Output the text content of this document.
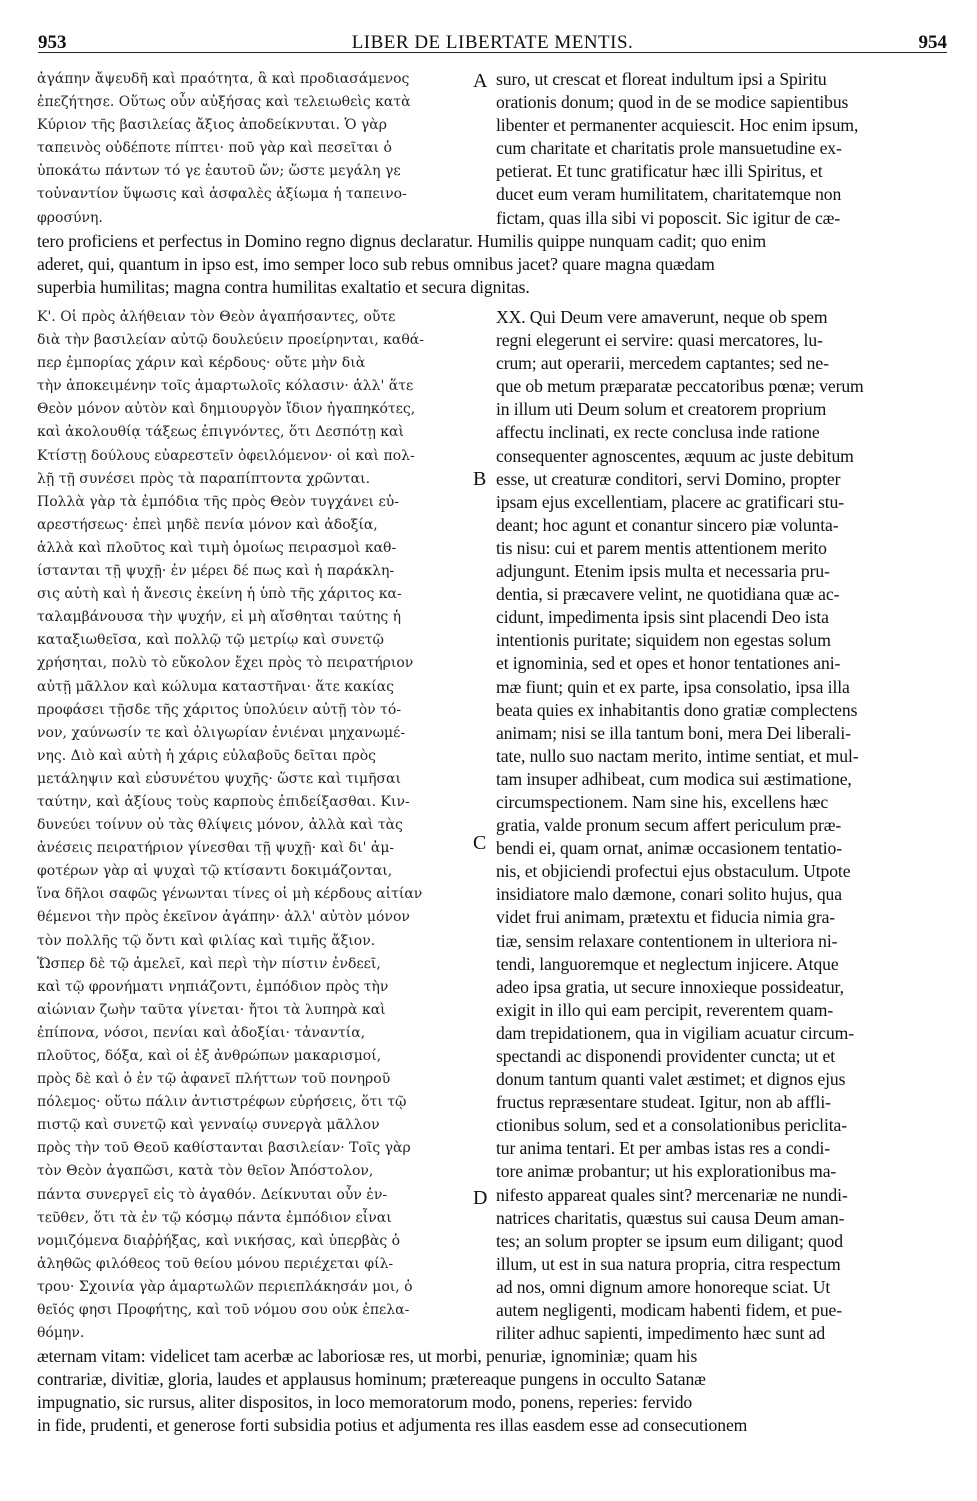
953	LIBER DE LIBERTATE MENTIS.	954
ἀγάπην ἄψευδῆ καὶ πραότητα, ἃ καὶ προδιασάμενος
ἐπεζήτησε. Οὕτως οὖν αὐξήσας καὶ τελειωθεὶς κατὰ
Κύριον τῆς βασιλείας ἄξιος ἀποδείκνυται. Ὁ γὰρ
ταπεινὸς οὐδέποτε πίπτει· ποῦ γὰρ καὶ πεσεῖται ὁ
ὑποκάτω πάντων τό γε ἑαυτοῦ ὤν; ὥστε μεγάλη γε
τοὐναντίον ὕψωσις καὶ ἀσφαλὲς ἀξίωμα ἡ ταπεινο-
φροσύνη.
suro, ut crescat et floreat indultum ipsi a Spiritu
orationis donum; quod in de se modice sapientibus
libenter et permanenter acquiescit. Hoc enim ipsum,
cum charitate et charitatis prole mansuetudine ex-
petierat. Et tunc gratificatur hæc illi Spiritus, et
ducet eum veram humilitatem, charitatemque non
fictam, quas illa sibi vi poposcit. Sic igitur de cæ-
tero proficiens et perfectus in Domino regno dignus declaratur. Humilis quippe nunquam cadit; quo enim
aderet, qui, quantum in ipso est, imo semper loco sub rebus omnibus jacet? quare magna quædam
superbia humilitas; magna contra humilitas exaltatio et secura dignitas.
Κ'. Οἱ πρὸς ἀλήθειαν τὸν Θεὸν ἀγαπήσαντες, οὔτε
διὰ τὴν βασιλείαν αὐτῷ δουλεύειν προείρηνται, καθά-
περ ἐμπορίας χάριν καὶ κέρδους· οὔτε μὴν διὰ
τὴν ἀποκειμένην τοῖς ἁμαρτωλοῖς κόλασιν· ἀλλ' ἅτε
Θεὸν μόνον αὐτὸν καὶ δημιουργὸν ἴδιον ἠγαπηκότες,
καὶ ἀκολουθίᾳ τάξεως ἐπιγνόντες, ὅτι Δεσπότῃ καὶ
Κτίστῃ δούλους εὐαρεστεῖν ὀφειλόμενον· οἱ καὶ πολ-
λῇ τῇ συνέσει πρὸς τὰ παραπίπτοντα χρῶνται.
Πολλὰ γὰρ τὰ ἐμπόδια τῆς πρὸς Θεὸν τυγχάνει εὐ-
αρεστήσεως· ἐπεὶ μηδὲ πενία μόνον καὶ ἀδοξία,
ἀλλὰ καὶ πλοῦτος καὶ τιμὴ ὁμοίως πειρασμοὶ καθ-
ίστανται τῇ ψυχῇ· ἐν μέρει δέ πως καὶ ἡ παράκλη-
σις αὐτὴ καὶ ἡ ἄνεσις ἐκείνη ἡ ὑπὸ τῆς χάριτος κα-
ταλαμβάνουσα τὴν ψυχήν, εἰ μὴ αἴσθηται ταύτης ἡ
καταξιωθεῖσα, καὶ πολλῷ τῷ μετρίῳ καὶ συνετῷ
χρήσηται, πολὺ τὸ εὔκολον ἔχει πρὸς τὸ πειρατήριον
αὐτῇ μᾶλλον καὶ κώλυμα καταστῆναι· ἅτε κακίας
προφάσει τῇσδε τῆς χάριτος ὑπολύειν αὐτῇ τὸν τό-
νον, χαύνωσίν τε καὶ ὀλιγωρίαν ἐνιέναι μηχανωμέ-
νης. Διὸ καὶ αὐτὴ ἡ χάρις εὐλαβοῦς δεῖται πρὸς
μετάληψιν καὶ εὐσυνέτου ψυχῆς· ὥστε καὶ τιμῆσαι
ταύτην, καὶ ἀξίους τοὺς καρποὺς ἐπιδείξασθαι. Κιν-
δυνεύει τοίνυν οὐ τὰς θλίψεις μόνον, ἀλλὰ καὶ τὰς
ἀνέσεις πειρατήριον γίνεσθαι τῇ ψυχῇ· καὶ δι' ἀμ-
φοτέρων γὰρ αἱ ψυχαὶ τῷ κτίσαντι δοκιμάζονται,
ἵνα δῆλοι σαφῶς γένωνται τίνες οἱ μὴ κέρδους αἰτίαν
θέμενοι τὴν πρὸς ἐκεῖνον ἀγάπην· ἀλλ' αὐτὸν μόνον
τὸν πολλῆς τῷ ὄντι καὶ φιλίας καὶ τιμῆς ἄξιον.
Ὥσπερ δὲ τῷ ἀμελεῖ, καὶ περὶ τὴν πίστιν ἐνδεεῖ,
καὶ τῷ φρονήματι νηπιάζοντι, ἐμπόδιον πρὸς τὴν
αἰώνιαν ζωὴν ταῦτα γίνεται· ἤτοι τὰ λυπηρὰ καὶ
ἐπίπονα, νόσοι, πενίαι καὶ ἀδοξίαι· τἀναντία,
πλοῦτος, δόξα, καὶ οἱ ἐξ ἀνθρώπων μακαρισμοί,
πρὸς δὲ καὶ ὁ ἐν τῷ ἀφανεῖ πλήττων τοῦ πονηροῦ
πόλεμος· οὕτω πάλιν ἀντιστρέφων εὑρήσεις, ὅτι τῷ
πιστῷ καὶ συνετῷ καὶ γενναίῳ συνεργὰ μᾶλλον
πρὸς τὴν τοῦ Θεοῦ καθίστανται βασιλείαν· Τοῖς γὰρ
τὸν Θεὸν ἀγαπῶσι, κατὰ τὸν θεῖον Ἀπόστολον,
πάντα συνεργεῖ εἰς τὸ ἀγαθόν. Δείκνυται οὖν ἐν-
τεῦθεν, ὅτι τὰ ἐν τῷ κόσμῳ πάντα ἐμπόδιον εἶναι
νομιζόμενα διαῤῥήξας, καὶ νικήσας, καὶ ὑπερβὰς ὁ
ἀληθῶς φιλόθεος τοῦ θείου μόνου περιέχεται φίλ-
τρου· Σχοινία γὰρ ἁμαρτωλῶν περιεπλάκησάν μοι, ὁ
θεῖός φησι Προφήτης, καὶ τοῦ νόμου σου οὐκ ἐπελα-
θόμην.
XX. Qui Deum vere amaverunt, neque ob spem
regni elegerunt ei servire: quasi mercatores, lu-
crum; aut operarii, mercedem captantes; sed ne-
que ob metum præparatæ peccatoribus pœnæ; verum
in illum uti Deum solum et creatorem proprium
affectu inclinati, ex recte conclusa inde ratione
consequenter agnoscentes, æquum ac juste debitum
esse, ut creaturæ conditori, servi Domino, propter
ipsam ejus excellentiam, placere ac gratificari stu-
deant; hoc agunt et conantur sincero piæ volunta-
tis nisu: cui et parem mentis attentionem merito
adjungunt. Etenim ipsis multa et necessaria pru-
dentia, si præcavere velint, ne quotidiana quæ ac-
cidunt, impedimenta ipsis sint placendi Deo ista
intentionis puritate; siquidem non egestas solum
et ignominia, sed et opes et honor tentationes ani-
mæ fiunt; quin et ex parte, ipsa consolatio, ipsa illa
beata quies ex inhabitantis dono gratiæ complectens
animam; nisi se illa tantum boni, mera Dei liberali-
tate, nullo suo nactam merito, intime sentiat, et mul-
tam insuper adhibeat, cum modica sui æstimatione,
circumspectionem. Nam sine his, excellens hæc
gratia, valde pronum secum affert periculum præ-
bendi ei, quam ornat, animæ occasionem tentatio-
nis, et objiciendi profectui ejus obstaculum. Utpote
insidiatore malo dæmone, conari solito hujus, qua
videt frui animam, prætextu et fiducia nimia gra-
tiæ, sensim relaxare contentionem in ulteriora ni-
tendi, languoremque et neglectum injicere. Atque
adeo ipsa gratia, ut secure innoxieque possideatur,
exigit in illo qui eam percipit, reverentem quam-
dam trepidationem, qua in vigiliam acuatur circum-
spectandi ac disponendi providenter cuncta; ut et
donum tantum quanti valet æstimet; et dignos ejus
fructus repræsentare studeat. Igitur, non ab affli-
ctionibus solum, sed et a consolationibus periclita-
tur anima tentari. Et per ambas istas res a condi-
tore animæ probantur; ut his explorationibus ma-
nifesto appareat quales sint? mercenariæ ne nundi-
natrices charitatis, quæstus sui causa Deum aman-
tes; an solum propter se ipsum eum diligant; quod
illum, ut est in sua natura propria, citra respectum
ad nos, omni dignum amore honoreque sciat. Ut
autem negligenti, modicam habenti fidem, et pue-
riliter adhuc sapienti, impedimento hæc sunt ad
æternam vitam: videlicet tam acerbæ ac laboriosæ res, ut morbi, penuriæ, ignominiæ; quam his
contrariæ, divitiæ, gloria, laudes et applausus hominum; prætereaque pungens in occulto Satanæ
impugnatio, sic rursus, aliter dispositos, in loco memoratorum modo, ponens, reperies: fervido
in fide, prudenti, et generose forti subsidia potius et adjumenta res illas easdem esse ad consecutionem
A
B
C
D
